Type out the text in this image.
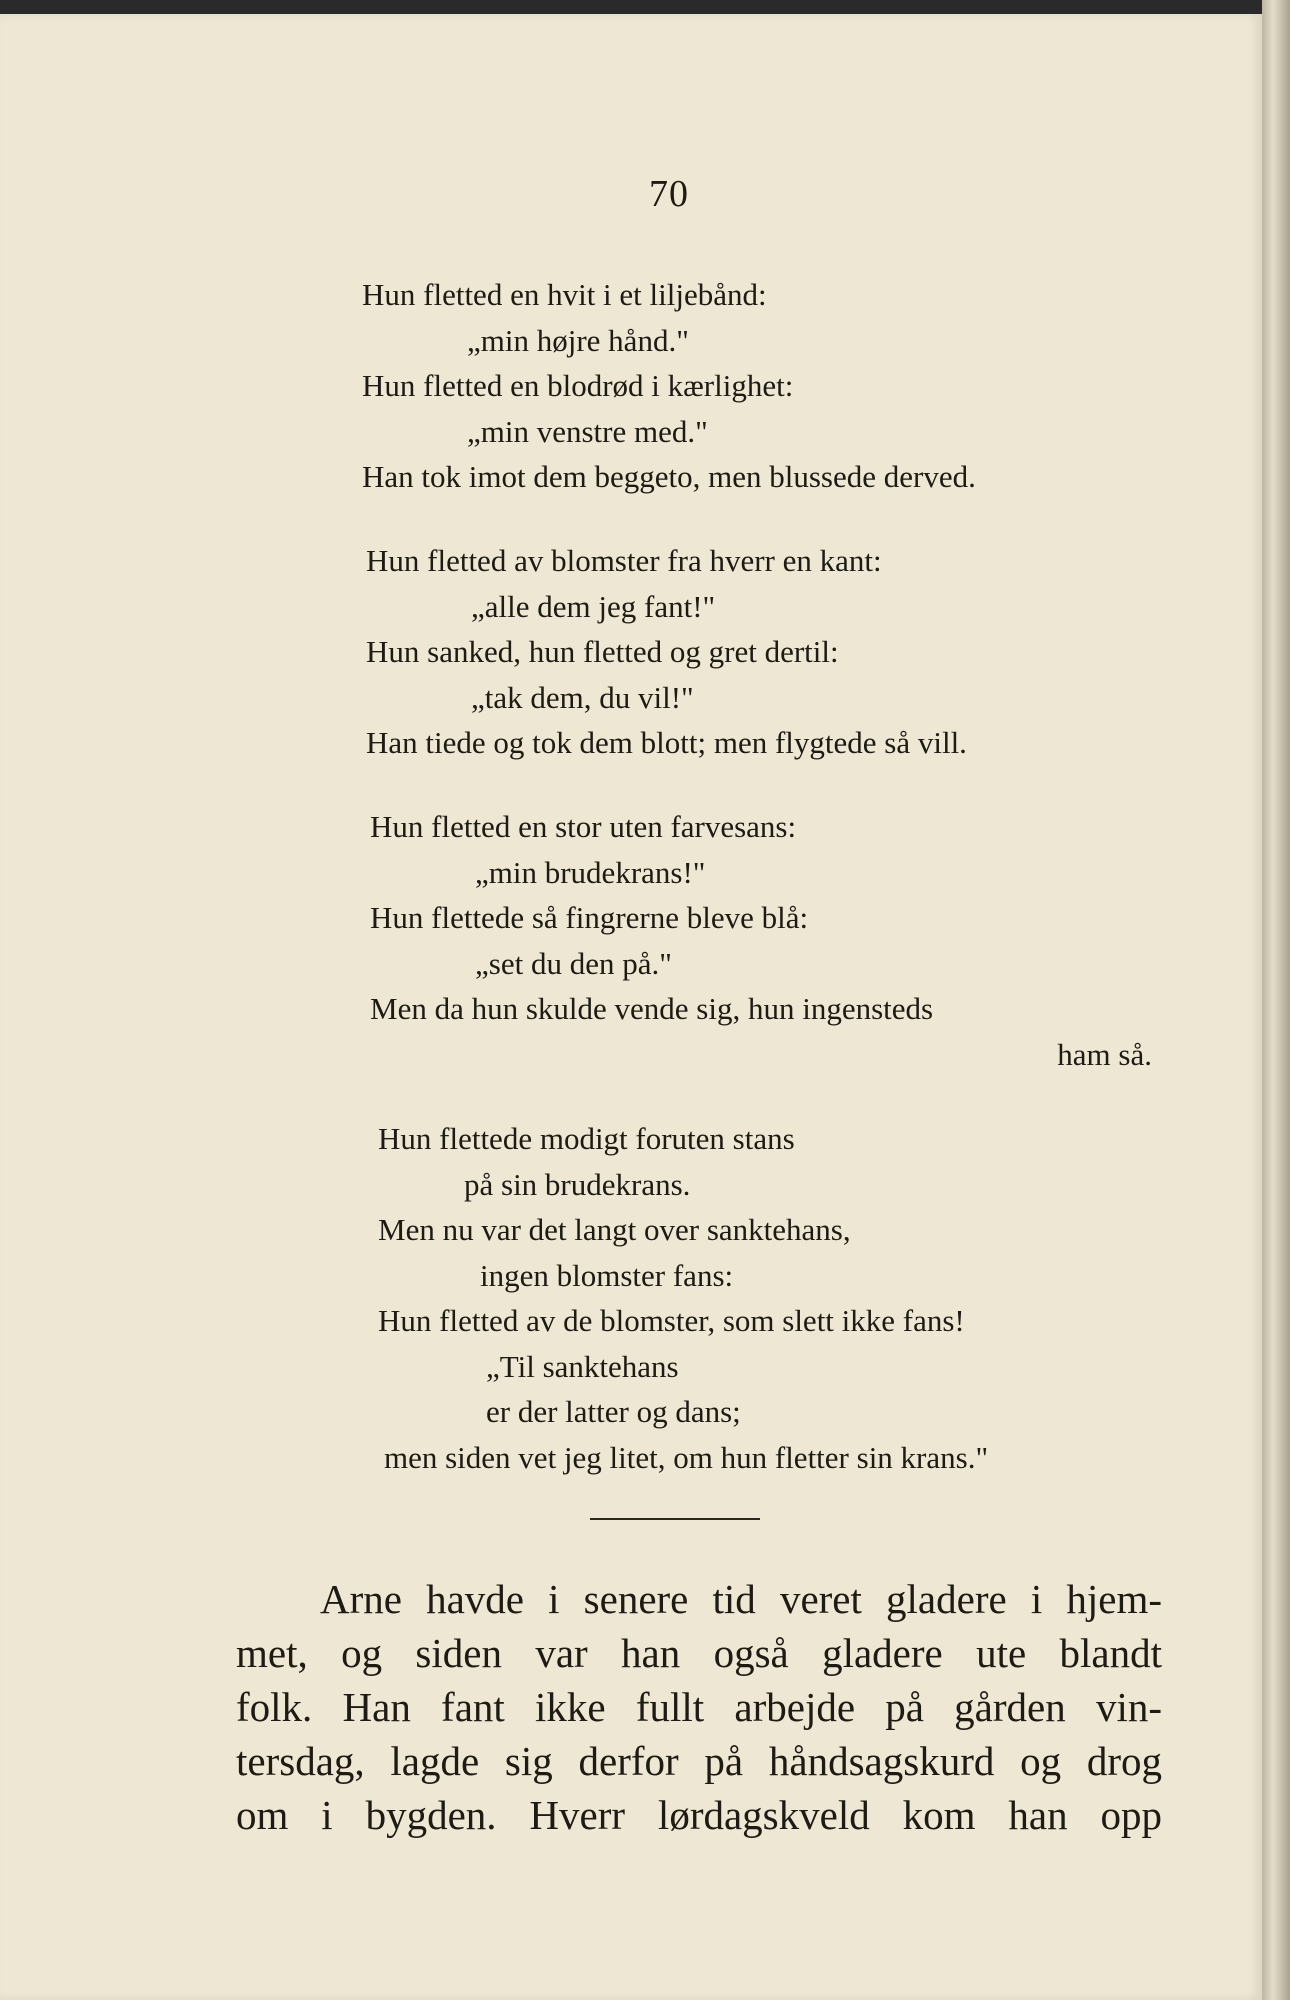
70
Hun fletted en hvit i et liljebånd:
„min højre hånd."
Hun fletted en blodrød i kærlighet:
„min venstre med."
Han tok imot dem beggeto, men blussede derved.
Hun fletted av blomster fra hverr en kant:
„alle dem jeg fant!"
Hun sanked, hun fletted og gret dertil:
„tak dem, du vil!"
Han tiede og tok dem blott; men flygtede så vill.
Hun fletted en stor uten farvesans:
„min brudekrans!"
Hun flettede så fingrerne bleve blå:
„set du den på."
Men da hun skulde vende sig, hun ingensteds
ham så.
Hun flettede modigt foruten stans
på sin brudekrans.
Men nu var det langt over sanktehans,
ingen blomster fans:
Hun fletted av de blomster, som slett ikke fans!
„Til sanktehans
er der latter og dans;
men siden vet jeg litet, om hun fletter sin krans."
Arne havde i senere tid veret gladere i hjem-
met, og siden var han også gladere ute blandt
folk. Han fant ikke fullt arbejde på gården vin-
tersdag, lagde sig derfor på håndsagskurd og drog
om i bygden. Hverr lørdagskveld kom han opp
